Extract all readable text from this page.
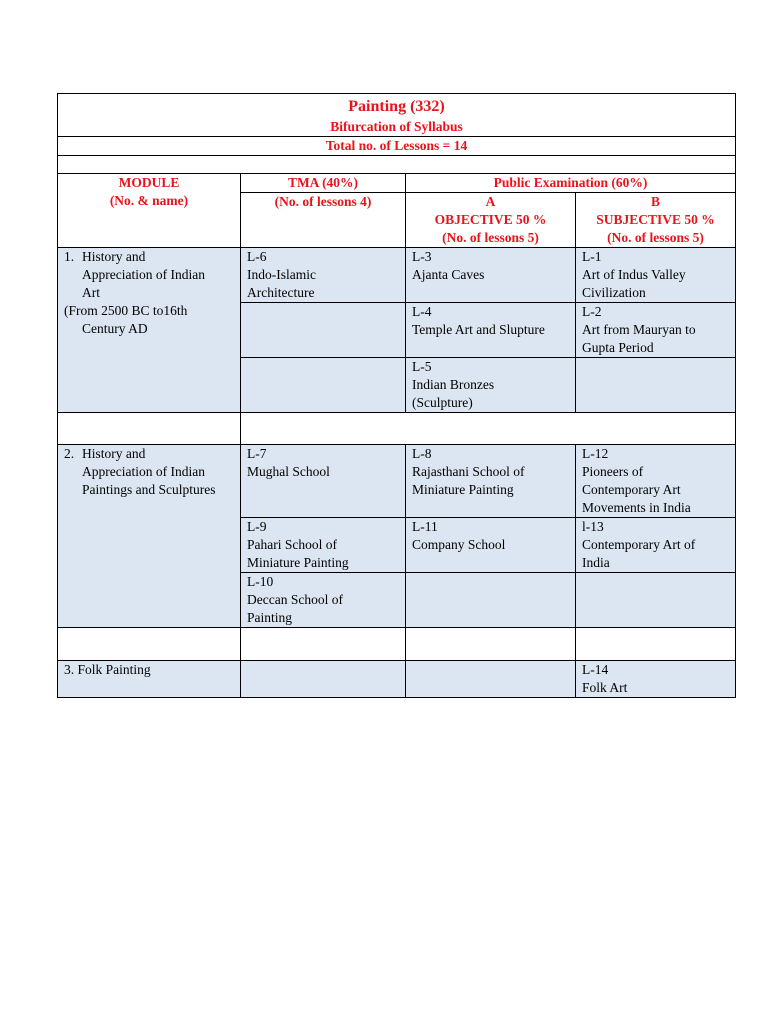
Painting (332)
Bifurcation of Syllabus			

Total no. of Lessons = 14			

MODULE
(No. & name)	TMA (40%)	Public Examination (60%)	
	(No. of lessons 4)	A
OBJECTIVE 50 %
(No. of lessons 5)	B
SUBJECTIVE 50 %
(No. of lessons 5)

1. History and
Appreciation of Indian
Art
(From 2500 BC to16th
Century AD	L-6
Indo-Islamic
Architecture	L-3
Ajanta Caves	L-1
Art of Indus Valley
Civilization

		L-4
Temple Art and Slupture	L-2
Art from Mauryan to
Gupta Period

		L-5
Indian Bronzes
(Sculpture)	

2. History and
Appreciation of Indian
Paintings and Sculptures	L-7
Mughal School	L-8
Rajasthani School of
Miniature Painting	L-12
Pioneers of
Contemporary Art
Movements in India

	L-9
Pahari School of
Miniature Painting	L-11
Company School	l-13
Contemporary Art of
India

	L-10
Deccan School of
Painting		

3. Folk Painting			L-14
Folk Art
